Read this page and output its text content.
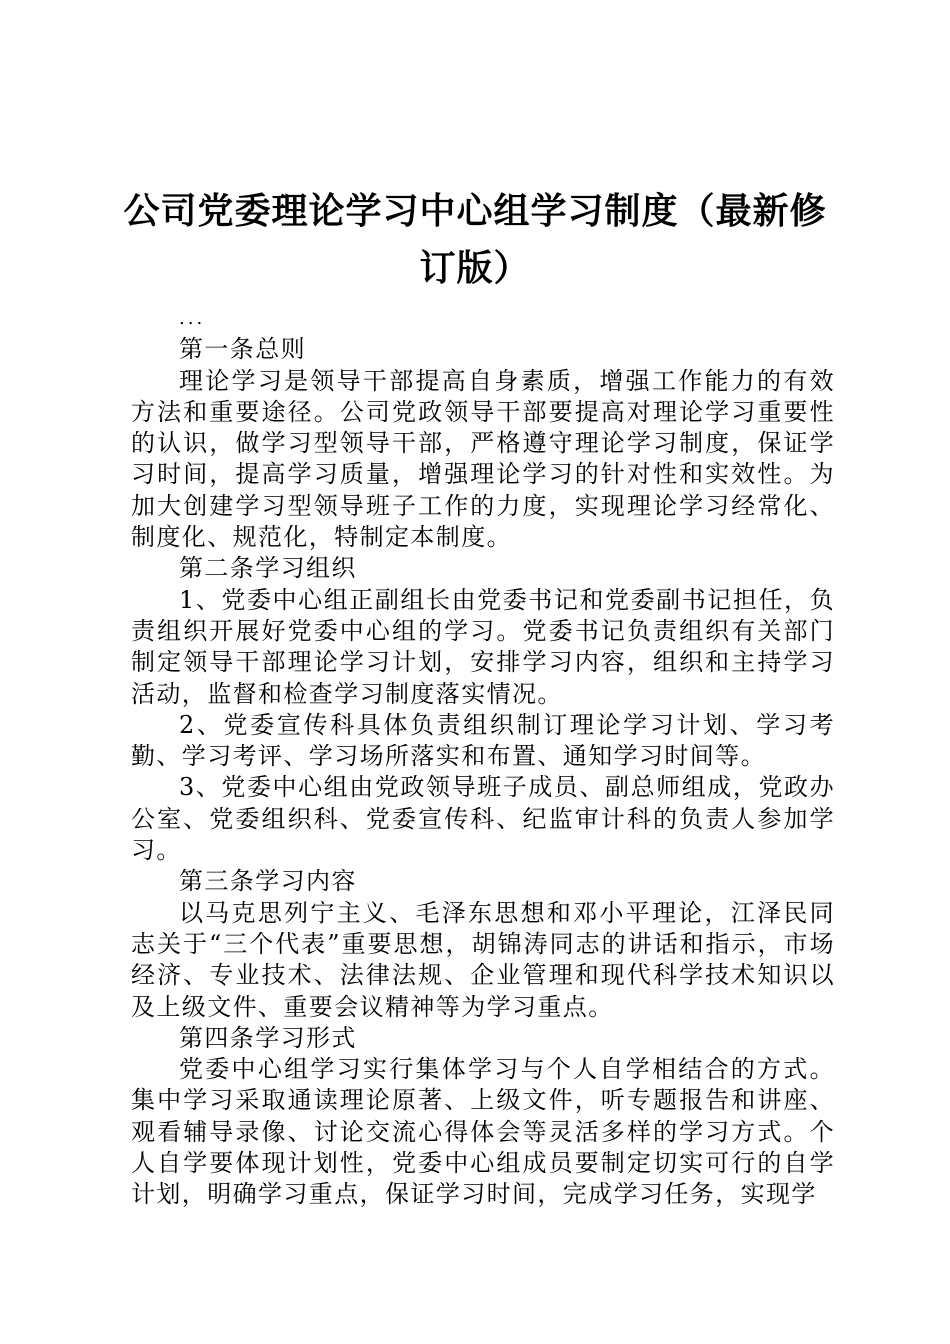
公司党委理论学习中心组学习制度（最新修订版）

...

第一条总则

理论学习是领导干部提高自身素质，增强工作能力的有效方法和重要途径。公司党政领导干部要提高对理论学习重要性的认识，做学习型领导干部，严格遵守理论学习制度，保证学习时间，提高学习质量，增强理论学习的针对性和实效性。为加大创建学习型领导班子工作的力度，实现理论学习经常化、制度化、规范化，特制定本制度。

第二条学习组织

1、党委中心组正副组长由党委书记和党委副书记担任，负责组织开展好党委中心组的学习。党委书记负责组织有关部门制定领导干部理论学习计划，安排学习内容，组织和主持学习活动，监督和检查学习制度落实情况。

2、党委宣传科具体负责组织制订理论学习计划、学习考勤、学习考评、学习场所落实和布置、通知学习时间等。

3、党委中心组由党政领导班子成员、副总师组成，党政办公室、党委组织科、党委宣传科、纪监审计科的负责人参加学习。

第三条学习内容

以马克思列宁主义、毛泽东思想和邓小平理论，江泽民同志关于“三个代表”重要思想，胡锦涛同志的讲话和指示，市场经济、专业技术、法律法规、企业管理和现代科学技术知识以及上级文件、重要会议精神等为学习重点。

第四条学习形式

党委中心组学习实行集体学习与个人自学相结合的方式。集中学习采取通读理论原著、上级文件，听专题报告和讲座、观看辅导录像、讨论交流心得体会等灵活多样的学习方式。个人自学要体现计划性，党委中心组成员要制定切实可行的自学计划，明确学习重点，保证学习时间，完成学习任务，实现学
